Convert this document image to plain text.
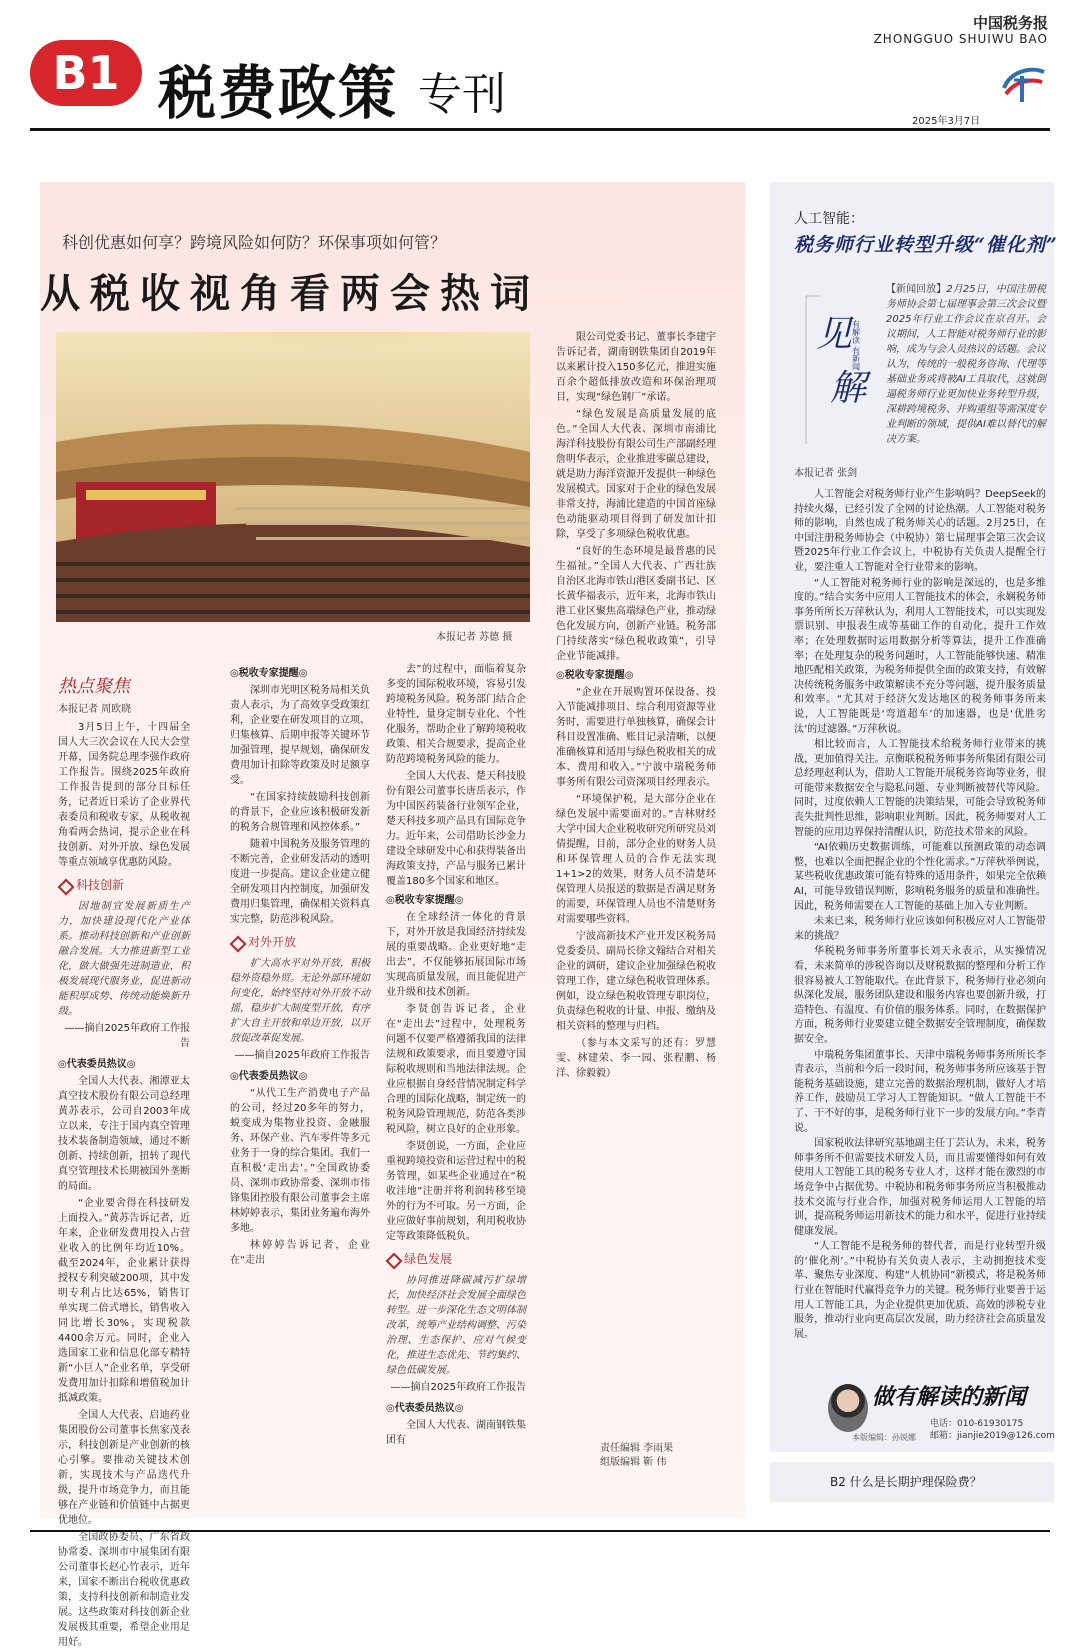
B1 税费政策 专刊
中国税务报
ZHONGGUO SHUIWU BAO
2025年3月7日
科创优惠如何享？跨境风险如何防？环保事项如何管？
从税收视角看两会热词
本报记者 苏德 摄
热点聚焦
本报记者 周欧晓

3月5日上午，十四届全国人大三次会议在人民大会堂开幕，国务院总理李强作政府工作报告。围绕2025年政府工作报告提到的部分目标任务，记者近日采访了企业界代表委员和税收专家，从税收视角看两会热词，提示企业在科技创新、对外开放、绿色发展等重点领域享优惠防风险。

科技创新

因地制宜发展新质生产力，加快建设现代化产业体系。推动科技创新和产业创新融合发展。大力推进新型工业化，做大做强先进制造业，积极发展现代服务业，促进新动能积厚成势、传统动能焕新升级。

——摘自2025年政府工作报告

◎代表委员热议◎

全国人大代表、湘潭亚太真空技术股份有限公司总经理黄苏表示，公司自2003年成立以来，专注于国内真空管理技术装备制造领域，通过不断创新、持续创新，扭转了现代真空管理技术长期被国外垄断的局面。

“企业要舍得在科技研发上面投入。”黄苏告诉记者，近年来，企业研发费用投入占营业收入的比例年均近10%。截至2024年，企业累计获得授权专利突破200项，其中发明专利占比达65%，销售订单实现二倍式增长，销售收入同比增长30%，实现税款4400余万元。同时，企业入选国家工业和信息化部专精特新“小巨人”企业名单，享受研发费用加计扣除和增值税加计抵减政策。

全国人大代表、启迪药业集团股份公司董事长焦家茂表示，科技创新是产业创新的核心引擎。要推动关键技术创新，实现技术与产品迭代升级，提升市场竞争力，而且能够在产业链和价值链中占据更优地位。

全国政协委员、广东省政协常委、深圳市中展集团有限公司董事长赵心竹表示，近年来，国家不断出台税收优惠政策，支持科技创新和制造业发展。这些政策对科技创新企业发展极其重要，希望企业用足用好。

◎税收专家提醒◎

深圳市光明区税务局相关负责人表示，为了高效享受政策红利，企业要在研发项目的立项、归集核算、后期申报等关键环节加强管理，提早规划，确保研发费用加计扣除等政策及时足额享受。

“在国家持续鼓励科技创新的背景下，企业应该积极研发新的税务合规管理和风控体系。”

随着中国税务及服务管理的不断完善，企业研发活动的透明度进一步提高。建议企业建立健全研发项目内控制度，加强研发费用归集管理，确保相关资料真实完整，防范涉税风险。

对外开放

扩大高水平对外开放，积极稳外资稳外贸。无论外部环境如何变化，始终坚持对外开放不动摇，稳步扩大制度型开放，有序扩大自主开放和单边开放，以开放促改革促发展。

——摘自2025年政府工作报告

◎代表委员热议◎

“从代工生产消费电子产品的公司，经过20多年的努力，蜕变成为集物业投资、金融服务、环保产业、汽车零件等多元业务于一身的综合集团。我们一直积极‘走出去’。”全国政协委员、深圳市政协常委、深圳市伟锋集团控股有限公司董事会主席林婷婷表示，集团业务遍布海外多地。

林婷婷告诉记者，企业在“走出

去”的过程中，面临着复杂多变的国际税收环境，容易引发跨境税务风险。税务部门结合企业特性，量身定制专业化、个性化服务，帮助企业了解跨境税收政策、相关合规要求，提高企业防范跨境税务风险的能力。

全国人大代表、楚天科技股份有限公司董事长唐岳表示，作为中国医药装备行业领军企业，楚天科技多项产品具有国际竞争力。近年来，公司借助长沙金力建设全球研发中心和获得装备出海政策支持，产品与服务已累计覆盖180多个国家和地区。

◎税收专家提醒◎

在全球经济一体化的背景下，对外开放是我国经济持续发展的重要战略。企业更好地“走出去”，不仅能够拓展国际市场实现高质量发展，而且能促进产业升级和技术创新。

李贤创告诉记者，企业在“走出去”过程中，处理税务问题不仅要严格遵循我国的法律法规和政策要求，而且要遵守国际税收规则和当地法律法规。企业应根据自身经营情况制定科学合理的国际化战略，制定统一的税务风险管理规范，防范各类涉税风险，树立良好的企业形象。

李贤创说，一方面，企业应重视跨境投资和运营过程中的税务管理，如某些企业通过在“税收洼地”注册并将利润转移至境外的行为不可取。另一方面，企业应做好事前规划，利用税收协定等政策降低税负。

绿色发展

协同推进降碳减污扩绿增长，加快经济社会发展全面绿色转型。进一步深化生态文明体制改革，统筹产业结构调整、污染治理、生态保护、应对气候变化，推进生态优先、节约集约、绿色低碳发展。

——摘自2025年政府工作报告

◎代表委员热议◎

全国人大代表、湖南钢铁集团有

限公司党委书记、董事长李建宇告诉记者，湖南钢铁集团自2019年以来累计投入150多亿元，推进实施百余个超低排放改造和环保治理项目，实现“绿色钢厂”承诺。

“绿色发展是高质量发展的底色。”全国人大代表、深圳市南浦比海洋科技股份有限公司生产部副经理詹明华表示，企业推进零碳总建设，就是助力海洋资源开发提供一种绿色发展模式。国家对于企业的绿色发展非常支持，海浦比建造的中国首座绿色动能驱动项目得到了研发加计扣除，享受了多项绿色税收优惠。

“良好的生态环境是最普惠的民生福祉。”全国人大代表、广西壮族自治区北海市铁山港区委副书记、区长黄华福表示，近年来，北海市铁山港工业区聚焦高端绿色产业，推动绿色化发展方向，创新产业链。税务部门持续落实“绿色税收政策”，引导企业节能减排。

◎税收专家提醒◎

“企业在开展购置环保设备、投入节能减排项目、综合利用资源等业务时，需要进行单独核算，确保会计科目设置准确、账目记录清晰，以便准确核算和适用与绿色税收相关的成本、费用和收入。”宁波中瑞税务师事务所有限公司资深项目经理表示。

“环境保护税，是大部分企业在绿色发展中需要面对的。”吉林财经大学中国大企业税收研究所研究员刘倩提醒，目前，部分企业的财务人员和环保管理人员的合作无法实现1+1>2的效果，财务人员不清楚环保管理人员报送的数据是否满足财务的需要，环保管理人员也不清楚财务对需要哪些资料。

宁波高新技术产业开发区税务局党委委员、副局长徐文翰结合对相关企业的调研，建议企业加强绿色税收管理工作，建立绿色税收管理体系。例如，设立绿色税收管理专职岗位，负责绿色税收的计量、申报、缴纳及相关资料的整理与归档。

（参与本文采写的还有：罗慧雯、林建荣、李一园、张程鹏、杨洋、徐毅毅）

责任编辑 李雨果
组版编辑 靳 伟
人工智能：
税务师行业转型升级“催化剂”
见
解
有解读 有新闻
【新闻回放】2月25日，中国注册税务师协会第七届理事会第三次会议暨2025年行业工作会议在京召开。会议期间，人工智能对税务师行业的影响，成为与会人员热议的话题。会议认为，传统的一般税务咨询、代理等基础业务或将被AI工具取代，这就倒逼税务师行业更加快业务转型升级，深耕跨境税务、并购重组等需深度专业判断的领域，提供AI难以替代的解决方案。
本报记者 张剑

人工智能会对税务师行业产生影响吗？DeepSeek的持续火爆，已经引发了全网的讨论热潮。人工智能对税务师的影响，自然也成了税务师关心的话题。2月25日，在中国注册税务师协会（中税协）第七届理事会第三次会议暨2025年行业工作会议上，中税协有关负责人提醒全行业，要注重人工智能对全行业带来的影响。

“人工智能对税务师行业的影响是深远的，也是多维度的。”结合实务中应用人工智能技术的体会，永娴税务师事务所所长万萍秋认为，利用人工智能技术，可以实现发票识别、申报表生成等基础工作的自动化，提升工作效率；在处理数据时运用数据分析等算法，提升工作准确率；在处理复杂的税务问题时，人工智能能够快速、精准地匹配相关政策，为税务师提供全面的政策支持，有效解决传统税务服务中政策解读不充分等问题，提升服务质量和效率。“尤其对于经济欠发达地区的税务师事务所来说，人工智能既是‘弯道超车’的加速器，也是‘优胜劣汰’的过滤器。”万萍秋说。

相比较而言，人工智能技术给税务师行业带来的挑战，更加值得关注。京衡联税税务师事务所集团有限公司总经理赵利认为，借助人工智能开展税务咨询等业务，很可能带来数据安全与隐私问题、专业判断被替代等风险。同时，过度依赖人工智能的决策结果，可能会导致税务师丧失批判性思维，影响职业判断。因此，税务师要对人工智能的应用边界保持清醒认识，防范技术带来的风险。

“AI依赖历史数据训练，可能难以预测政策的动态调整，也难以全面把握企业的个性化需求。”万萍秋举例说，某些税收优惠政策可能有特殊的适用条件，如果完全依赖AI，可能导致错误判断，影响税务服务的质量和准确性。因此，税务师需要在人工智能的基础上加入专业判断。

未来已来，税务师行业应该如何积极应对人工智能带来的挑战？

华税税务师事务所董事长刘天永表示，从实操情况看，未来简单的涉税咨询以及财税数据的整理和分析工作很容易被人工智能取代。在此背景下，税务师行业必须向纵深化发展，服务团队建设和服务内容也要创新升级，打造特色、有温度、有价值的服务体系。同时，在数据保护方面，税务师行业要建立健全数据安全管理制度，确保数据安全。

中瑞税务集团董事长、天津中瑞税务师事务所所长李青表示，当前和今后一段时间，税务师事务所应该基于智能税务基础设施，建立完善的数据治理机制，做好人才培养工作，鼓励员工学习人工智能知识。“做人工智能干不了、干不好的事，是税务师行业下一步的发展方向。”李青说。

国家税收法律研究基地副主任丁芸认为，未来，税务师事务所不但需要技术研发人员，而且需要懂得如何有效使用人工智能工具的税务专业人才，这样才能在激烈的市场竞争中占据优势。中税协和税务师事务所应当积极推动技术交流与行业合作，加强对税务师运用人工智能的培训，提高税务师运用新技术的能力和水平，促进行业持续健康发展。

“人工智能不是税务师的替代者，而是行业转型升级的‘催化剂’。”中税协有关负责人表示，主动拥抱技术变革、聚焦专业深度、构建“人机协同”新模式，将是税务师行业在智能时代赢得竞争力的关键。税务师行业要善于运用人工智能工具，为企业提供更加优质、高效的涉税专业服务，推动行业向更高层次发展，助力经济社会高质量发展。

做有解读的新闻
电话：010-61930175
邮箱：jianjie2019@126.com
本版编辑：孙锐娜
B2 什么是长期护理保险费？
